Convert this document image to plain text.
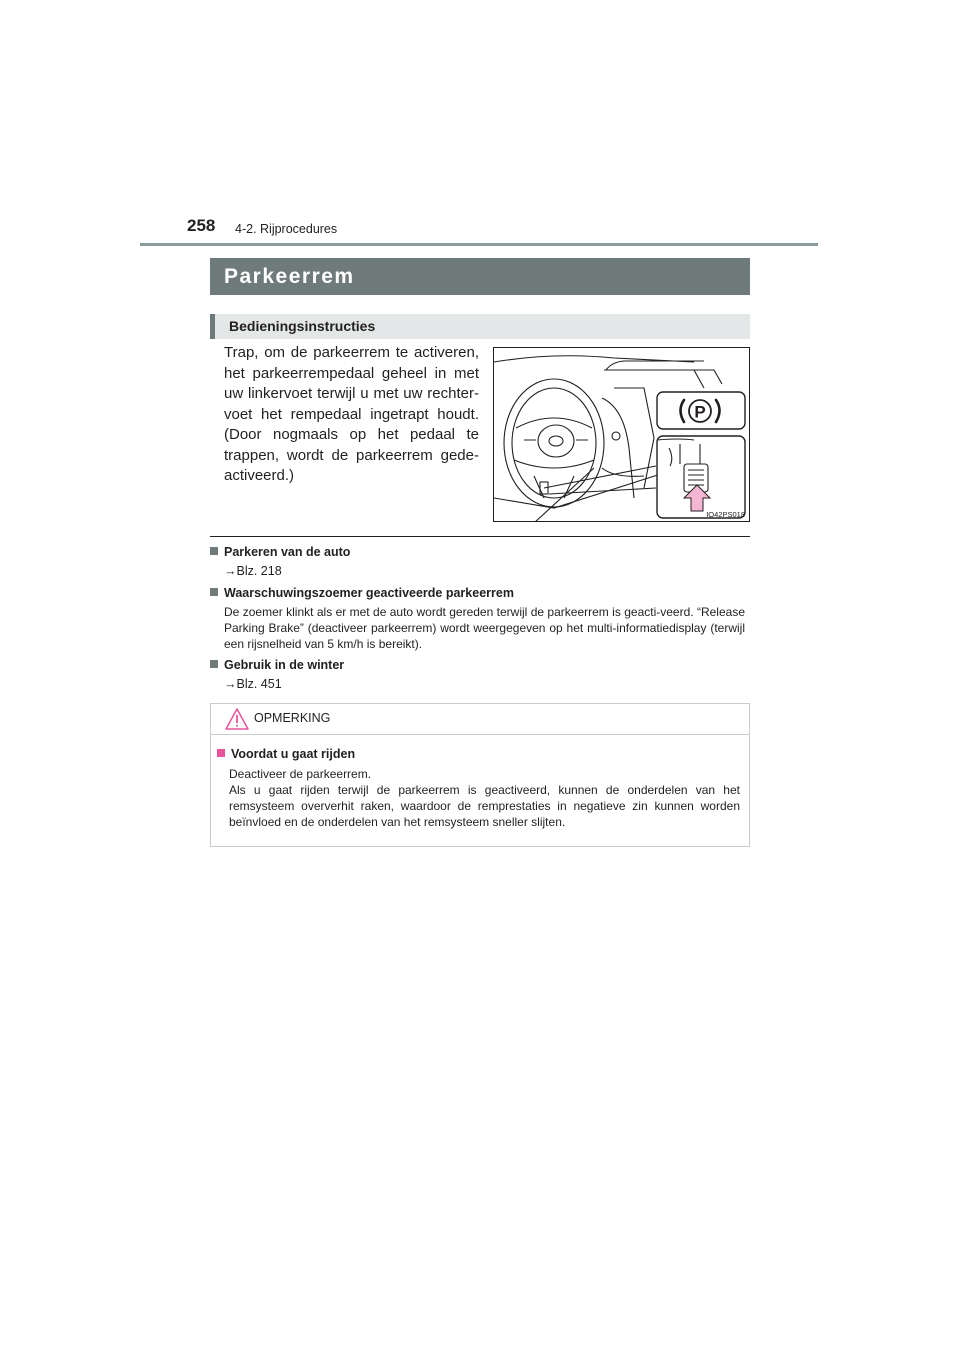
258 4-2. Rijprocedures
Parkeerrem
Bedieningsinstructies

Trap, om de parkeerrem te activeren, het parkeerrempedaal geheel in met uw linkervoet terwijl u met uw rechter-voet het rempedaal ingetrapt houdt. (Door nogmaals op het pedaal te trappen, wordt de parkeerrem gede-activeerd.)

P
IO42PS018

Parkeren van de auto

→Blz. 218

Waarschuwingszoemer geactiveerde parkeerrem

De zoemer klinkt als er met de auto wordt gereden terwijl de parkeerrem is geacti-veerd. “Release Parking Brake” (deactiveer parkeerrem) wordt weergegeven op het multi-informatiedisplay (terwijl een rijsnelheid van 5 km/h is bereikt).

Gebruik in de winter

→Blz. 451

OPMERKING
Voordat u gaat rijden

Deactiveer de parkeerrem.

Als u gaat rijden terwijl de parkeerrem is geactiveerd, kunnen de onderdelen van het remsysteem oververhit raken, waardoor de remprestaties in negatieve zin kunnen worden beïnvloed en de onderdelen van het remsysteem sneller slijten.
